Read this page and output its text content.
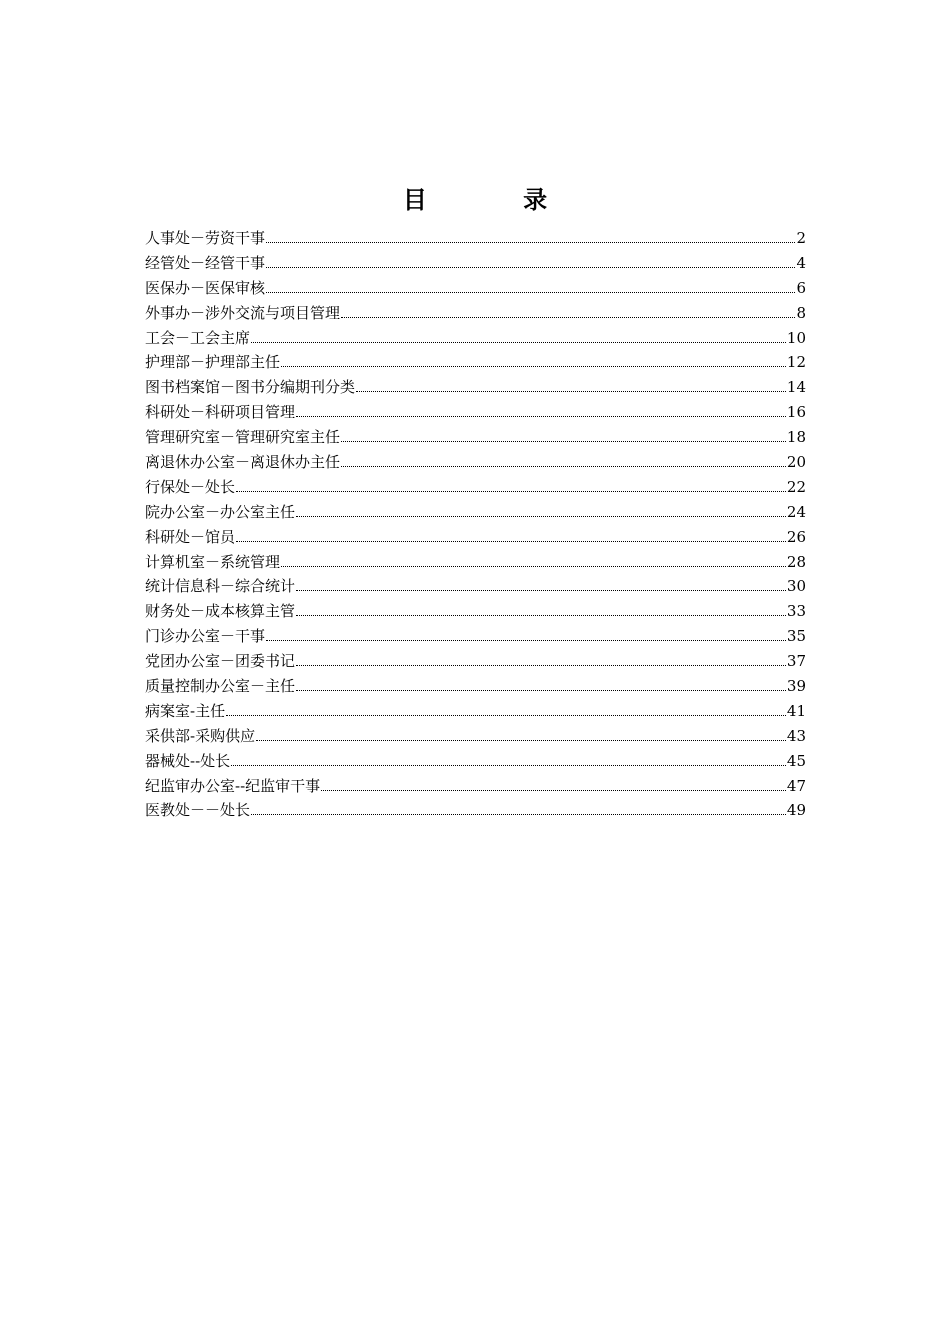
目 录
人事处－劳资干事	2
经管处－经管干事	4
医保办－医保审核	6
外事办－涉外交流与项目管理	8
工会－工会主席	10
护理部－护理部主任	12
图书档案馆－图书分编期刊分类	14
科研处－科研项目管理	16
管理研究室－管理研究室主任	18
离退休办公室－离退休办主任	20
行保处－处长	22
院办公室－办公室主任	24
科研处－馆员	26
计算机室－系统管理	28
统计信息科－综合统计	30
财务处－成本核算主管	33
门诊办公室－干事	35
党团办公室－团委书记	37
质量控制办公室－主任	39
病案室-主任	41
采供部-采购供应	43
器械处--处长	45
纪监审办公室--纪监审干事	47
医教处－－处长	49
